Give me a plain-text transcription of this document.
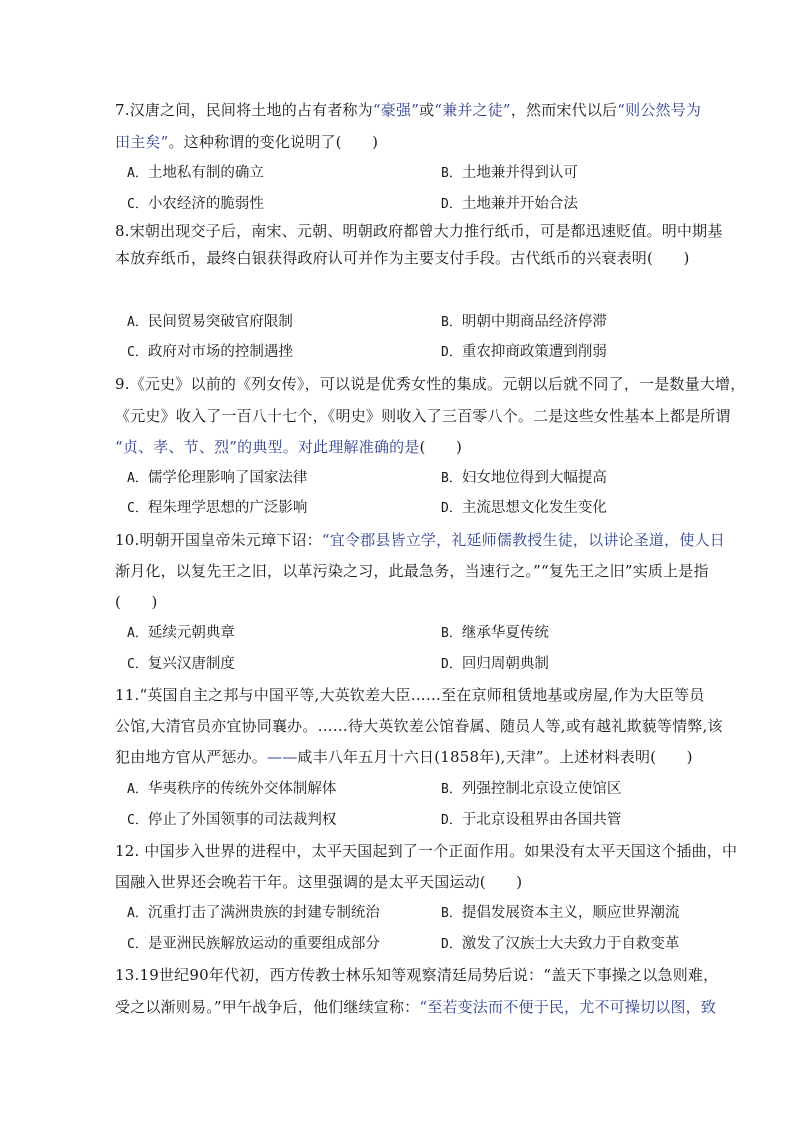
7.汉唐之间，民间将土地的占有者称为“豪强”或“兼并之徒”，然而宋代以后“则公然号为
田主矣”。这种称谓的变化说明了(　　)
A．土地私有制的确立	B．土地兼并得到认可
C．小农经济的脆弱性	D．土地兼并开始合法
8.宋朝出现交子后，南宋、元朝、明朝政府都曾大力推行纸币，可是都迅速贬值。明中期基
本放弃纸币，最终白银获得政府认可并作为主要支付手段。古代纸币的兴衰表明(　　)
A．民间贸易突破官府限制	B．明朝中期商品经济停滞
C．政府对市场的控制遇挫	D．重农抑商政策遭到削弱
9.《元史》以前的《列女传》，可以说是优秀女性的集成。元朝以后就不同了，一是数量大增，
《元史》收入了一百八十七个，《明史》则收入了三百零八个。二是这些女性基本上都是所谓
“贞、孝、节、烈”的典型。对此理解准确的是(　　)
A．儒学伦理影响了国家法律	B．妇女地位得到大幅提高
C．程朱理学思想的广泛影响	D．主流思想文化发生变化
10.明朝开国皇帝朱元璋下诏：“宜令郡县皆立学，礼延师儒教授生徒，以讲论圣道，使人日
渐月化，以复先王之旧，以革污染之习，此最急务，当速行之。”“复先王之旧”实质上是指
(　　)
A．延续元朝典章	B．继承华夏传统
C．复兴汉唐制度	D．回归周朝典制
11.“英国自主之邦与中国平等,大英钦差大臣……至在京师租赁地基或房屋,作为大臣等员
公馆,大清官员亦宜协同襄办。……待大英钦差公馆眷属、随员人等,或有越礼欺藐等情弊,该
犯由地方官从严惩办。——咸丰八年五月十六日(1858年),天津”。上述材料表明(　　)
A．华夷秩序的传统外交体制解体	B．列强控制北京设立使馆区
C．停止了外国领事的司法裁判权	D．于北京设租界由各国共管
12. 中国步入世界的进程中，太平天国起到了一个正面作用。如果没有太平天国这个插曲，中
国融入世界还会晚若干年。这里强调的是太平天国运动(　　)
A．沉重打击了满洲贵族的封建专制统治	B．提倡发展资本主义，顺应世界潮流
C．是亚洲民族解放运动的重要组成部分	D．激发了汉族士大夫致力于自救变革
13.19世纪90年代初，西方传教士林乐知等观察清廷局势后说：“盖天下事操之以急则难，
受之以渐则易。”甲午战争后，他们继续宣称：“至若变法而不便于民，尤不可操切以图，致
